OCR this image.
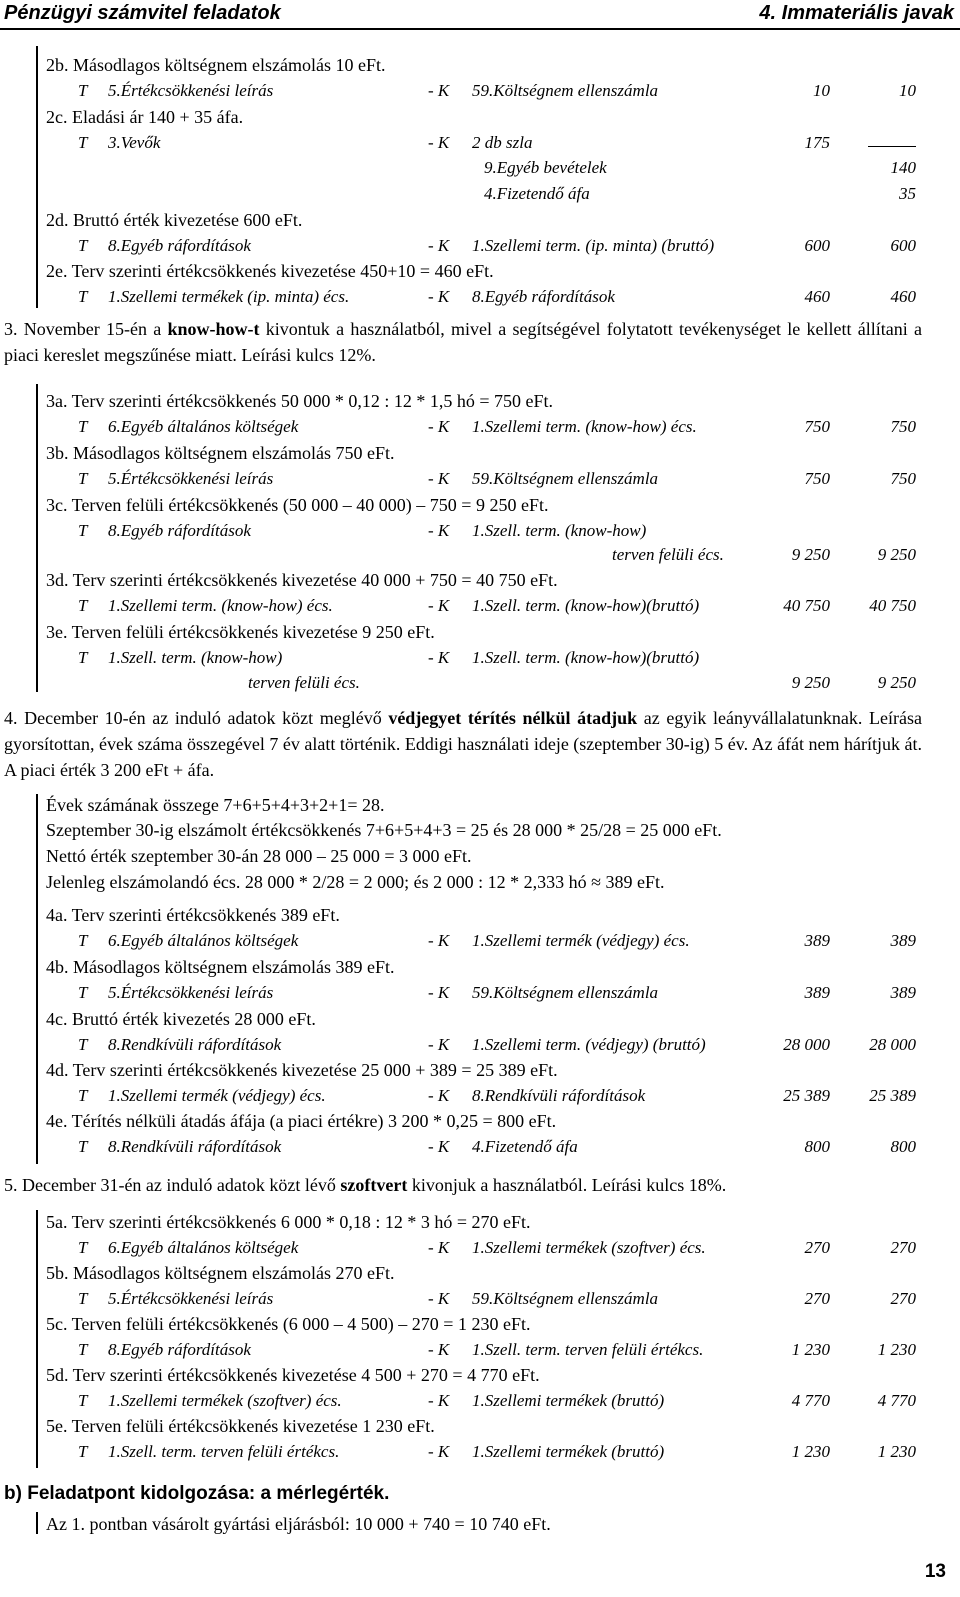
Pénzügyi számvitel feladatok	4. Immateriális javak
2b. Másodlagos költségnem elszámolás 10 eFt.
T 5.Értékcsökkenési leírás	- K 59.Költségnem ellenszámla	10	10
2c. Eladási ár 140 + 35 áfa.
T 3.Vevők	- K 2 db szla	175
9.Egyéb bevételek	140
4.Fizetendő áfa	35
2d. Bruttó érték kivezetése 600 eFt.
T 8.Egyéb ráfordítások	- K 1.Szellemi term. (ip. minta) (bruttó)	600	600
2e. Terv szerinti értékcsökkenés kivezetése 450+10 = 460 eFt.
T 1.Szellemi termékek (ip. minta) écs.	- K 8.Egyéb ráfordítások	460	460
3. November 15-én a know-how-t kivontuk a használatból, mivel a segítségével folytatott tevékenységet le kellett állítani a piaci kereslet megszűnése miatt. Leírási kulcs 12%.
3a. Terv szerinti értékcsökkenés 50 000 * 0,12 : 12 * 1,5 hó = 750 eFt.
T 6.Egyéb általános költségek	- K 1.Szellemi term. (know-how) écs.	750	750
3b. Másodlagos költségnem elszámolás 750 eFt.
T 5.Értékcsökkenési leírás	- K 59.Költségnem ellenszámla	750	750
3c. Terven felüli értékcsökkenés (50 000 – 40 000) – 750 = 9 250 eFt.
T 8.Egyéb ráfordítások	- K 1.Szell. term. (know-how)
terven felüli écs.	9 250	9 250
3d. Terv szerinti értékcsökkenés kivezetése 40 000 + 750 = 40 750 eFt.
T 1.Szellemi term. (know-how) écs.	- K 1.Szell. term. (know-how)(bruttó)	40 750	40 750
3e. Terven felüli értékcsökkenés kivezetése 9 250 eFt.
T 1.Szell. term. (know-how)	- K 1.Szell. term. (know-how)(bruttó)
terven felüli écs.	9 250	9 250
4. December 10-én az induló adatok közt meglévő védjegyet térítés nélkül átadjuk az egyik leányvállalatunknak. Leírása gyorsítottan, évek száma összegével 7 év alatt történik. Eddigi használati ideje (szeptember 30-ig) 5 év. Az áfát nem hárítjuk át. A piaci érték 3 200 eFt + áfa.
Évek számának összege 7+6+5+4+3+2+1= 28.
Szeptember 30-ig elszámolt értékcsökkenés 7+6+5+4+3 = 25 és 28 000 * 25/28 = 25 000 eFt.
Nettó érték szeptember 30-án 28 000 – 25 000 = 3 000 eFt.
Jelenleg elszámolandó écs. 28 000 * 2/28 = 2 000; és 2 000 : 12 * 2,333 hó ≈ 389 eFt.
4a. Terv szerinti értékcsökkenés 389 eFt.
T 6.Egyéb általános költségek	- K 1.Szellemi termék (védjegy) écs.	389	389
4b. Másodlagos költségnem elszámolás 389 eFt.
T 5.Értékcsökkenési leírás	- K 59.Költségnem ellenszámla	389	389
4c. Bruttó érték kivezetés 28 000 eFt.
T 8.Rendkívüli ráfordítások	- K 1.Szellemi term. (védjegy) (bruttó)	28 000	28 000
4d. Terv szerinti értékcsökkenés kivezetése 25 000 + 389 = 25 389 eFt.
T 1.Szellemi termék (védjegy) écs.	- K 8.Rendkívüli ráfordítások	25 389	25 389
4e. Térítés nélküli átadás áfája (a piaci értékre) 3 200 * 0,25 = 800 eFt.
T 8.Rendkívüli ráfordítások	- K 4.Fizetendő áfa	800	800
5. December 31-én az induló adatok közt lévő szoftvert kivonjuk a használatból. Leírási kulcs 18%.
5a. Terv szerinti értékcsökkenés 6 000 * 0,18 : 12 * 3 hó = 270 eFt.
T 6.Egyéb általános költségek	- K 1.Szellemi termékek (szoftver) écs.	270	270
5b. Másodlagos költségnem elszámolás 270 eFt.
T 5.Értékcsökkenési leírás	- K 59.Költségnem ellenszámla	270	270
5c. Terven felüli értékcsökkenés (6 000 – 4 500) – 270 = 1 230 eFt.
T 8.Egyéb ráfordítások	- K 1.Szell. term. terven felüli értékcs.	1 230	1 230
5d. Terv szerinti értékcsökkenés kivezetése 4 500 + 270 = 4 770 eFt.
T 1.Szellemi termékek (szoftver) écs.	- K 1.Szellemi termékek (bruttó)	4 770	4 770
5e. Terven felüli értékcsökkenés kivezetése 1 230 eFt.
T 1.Szell. term. terven felüli értékcs.	- K 1.Szellemi termékek (bruttó)	1 230	1 230
b) Feladatpont kidolgozása: a mérlegérték.
Az 1. pontban vásárolt gyártási eljárásból: 10 000 + 740 = 10 740 eFt.
13
